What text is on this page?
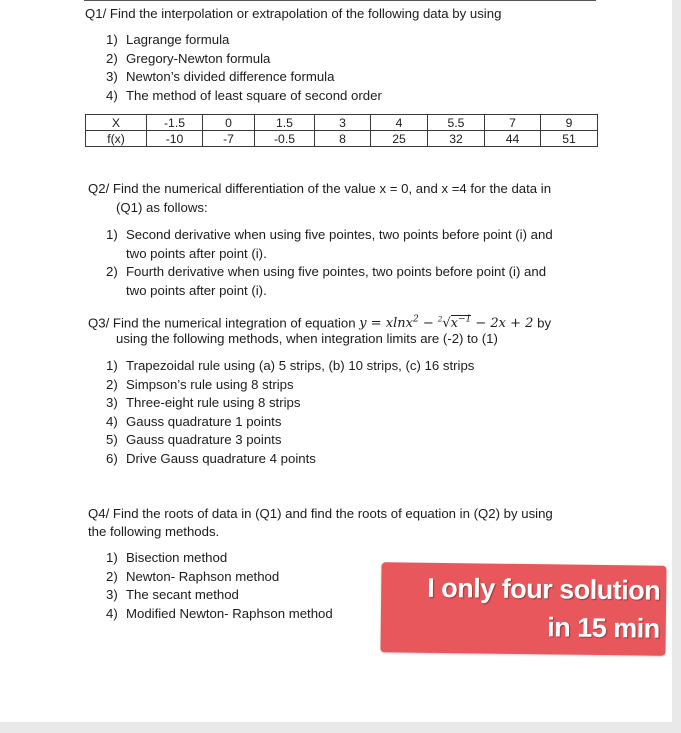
Q1/ Find the interpolation or extrapolation of the following data by using
1) Lagrange formula
2) Gregory-Newton formula
3) Newton’s divided difference formula
4) The method of least square of second order
X	-1.5	0	1.5	3	4	5.5	7	9
f(x)	-10	-7	-0.5	8	25	32	44	51
Q2/ Find the numerical differentiation of the value x = 0, and x =4 for the data in
(Q1) as follows:
1) Second derivative when using five pointes, two points before point (i) and
two points after point (i).
2) Fourth derivative when using five pointes, two points before point (i) and
two points after point (i).
Q3/ Find the numerical integration of equation $y = xlnx^2 - ^2√x^{-1} - 2x + 2$ by
using the following methods, when integration limits are (-2) to (1)
1) Trapezoidal rule using (a) 5 strips, (b) 10 strips, (c) 16 strips
2) Simpson’s rule using 8 strips
3) Three-eight rule using 8 strips
4) Gauss quadrature 1 points
5) Gauss quadrature 3 points
6) Drive Gauss quadrature 4 points
Q4/ Find the roots of data in (Q1) and find the roots of equation in (Q2) by using
the following methods.
1) Bisection method
2) Newton- Raphson method
3) The secant method
4) Modified Newton- Raphson method
I only four solution
in 15 min
